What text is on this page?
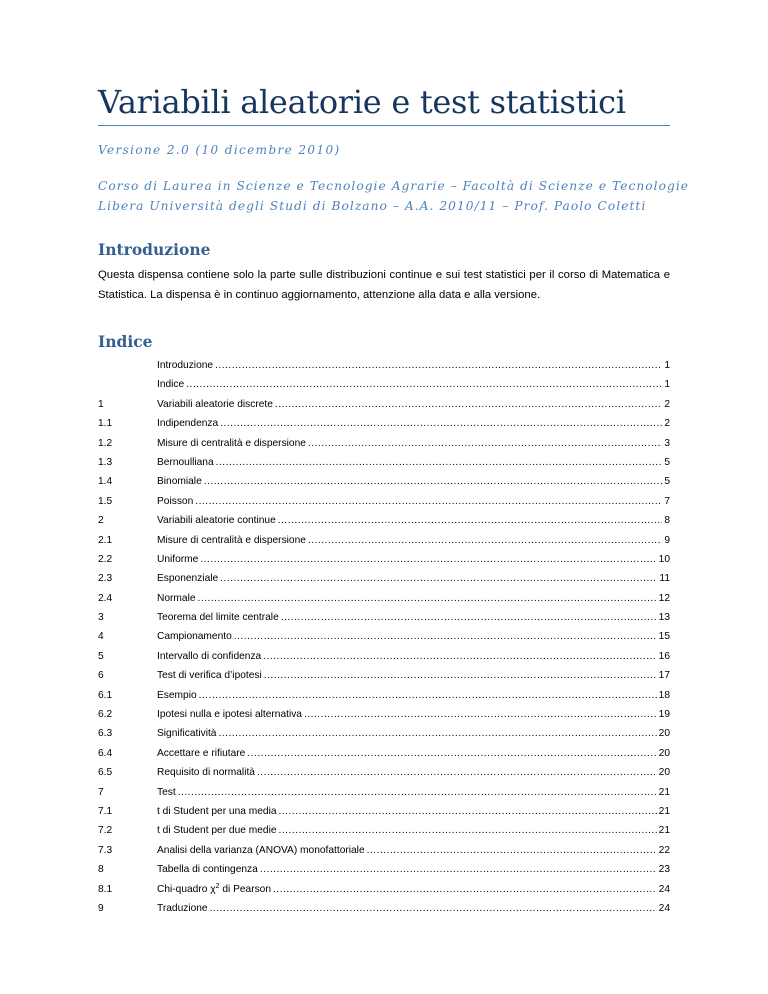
Variabili aleatorie e test statistici
Versione 2.0 (10 dicembre 2010)
Corso di Laurea in Scienze e Tecnologie Agrarie – Facoltà di Scienze e Tecnologie
Libera Università degli Studi di Bolzano – A.A. 2010/11 – Prof. Paolo Coletti
Introduzione
Questa dispensa contiene solo la parte sulle distribuzioni continue e sui test statistici per il corso di Matematica e Statistica. La dispensa è in continuo aggiornamento, attenzione alla data e alla versione.
Indice
Introduzione .....	1
Indice .....	1
1	Variabili aleatorie discrete .....	2
1.1	Indipendenza .....	2
1.2	Misure di centralità e dispersione .....	3
1.3	Bernoulliana .....	5
1.4	Binomiale .....	5
1.5	Poisson .....	7
2	Variabili aleatorie continue .....	8
2.1	Misure di centralità e dispersione .....	9
2.2	Uniforme .....	10
2.3	Esponenziale .....	11
2.4	Normale .....	12
3	Teorema del limite centrale .....	13
4	Campionamento .....	15
5	Intervallo di confidenza .....	16
6	Test di verifica d’ipotesi .....	17
6.1	Esempio .....	18
6.2	Ipotesi nulla e ipotesi alternativa .....	19
6.3	Significatività .....	20
6.4	Accettare e rifiutare .....	20
6.5	Requisito di normalità .....	20
7	Test .....	21
7.1	t di Student per una media .....	21
7.2	t di Student per due medie .....	21
7.3	Analisi della varianza (ANOVA) monofattoriale .....	22
8	Tabella di contingenza .....	23
8.1	Chi-quadro $\chi^2$ di Pearson .....	24
9	Traduzione .....	24
